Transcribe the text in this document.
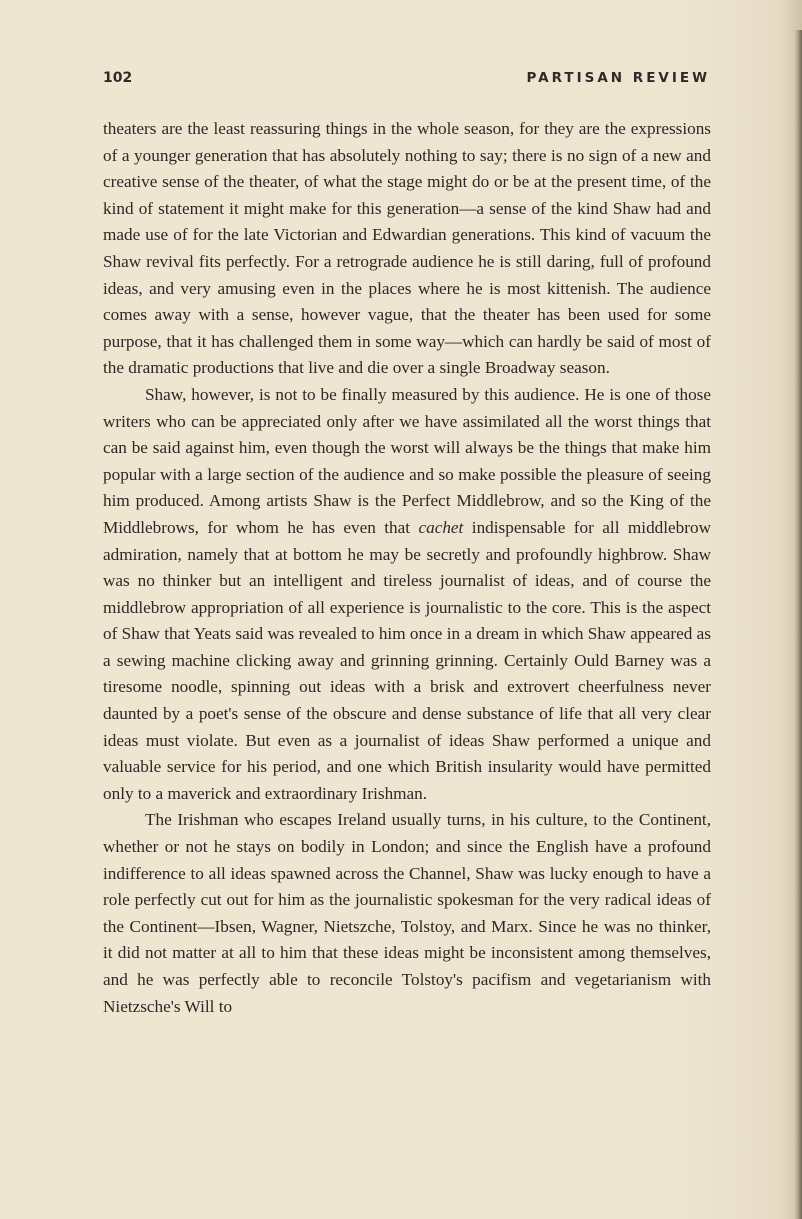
102	PARTISAN REVIEW

theaters are the least reassuring things in the whole season, for they are the expressions of a younger generation that has absolutely nothing to say; there is no sign of a new and creative sense of the theater, of what the stage might do or be at the present time, of the kind of statement it might make for this generation—a sense of the kind Shaw had and made use of for the late Victorian and Edwardian generations. This kind of vacuum the Shaw revival fits perfectly. For a retrograde audience he is still daring, full of profound ideas, and very amusing even in the places where he is most kittenish. The audience comes away with a sense, however vague, that the theater has been used for some purpose, that it has challenged them in some way—which can hardly be said of most of the dramatic productions that live and die over a single Broadway season.

Shaw, however, is not to be finally measured by this audience. He is one of those writers who can be appreciated only after we have assimilated all the worst things that can be said against him, even though the worst will always be the things that make him popular with a large section of the audience and so make possible the pleasure of seeing him produced. Among artists Shaw is the Perfect Middlebrow, and so the King of the Middlebrows, for whom he has even that cachet indispensable for all middlebrow admiration, namely that at bottom he may be secretly and profoundly highbrow. Shaw was no thinker but an intelligent and tireless journalist of ideas, and of course the middlebrow appropriation of all experience is journalistic to the core. This is the aspect of Shaw that Yeats said was revealed to him once in a dream in which Shaw appeared as a sewing machine clicking away and grinning grinning. Certainly Ould Barney was a tiresome noodle, spinning out ideas with a brisk and extrovert cheerfulness never daunted by a poet's sense of the obscure and dense substance of life that all very clear ideas must violate. But even as a journalist of ideas Shaw performed a unique and valuable service for his period, and one which British insularity would have permitted only to a maverick and extraordinary Irishman.

The Irishman who escapes Ireland usually turns, in his culture, to the Continent, whether or not he stays on bodily in London; and since the English have a profound indifference to all ideas spawned across the Channel, Shaw was lucky enough to have a role perfectly cut out for him as the journalistic spokesman for the very radical ideas of the Continent—Ibsen, Wagner, Nietszche, Tolstoy, and Marx. Since he was no thinker, it did not matter at all to him that these ideas might be inconsistent among themselves, and he was perfectly able to reconcile Tolstoy's pacifism and vegetarianism with Nietzsche's Will to
